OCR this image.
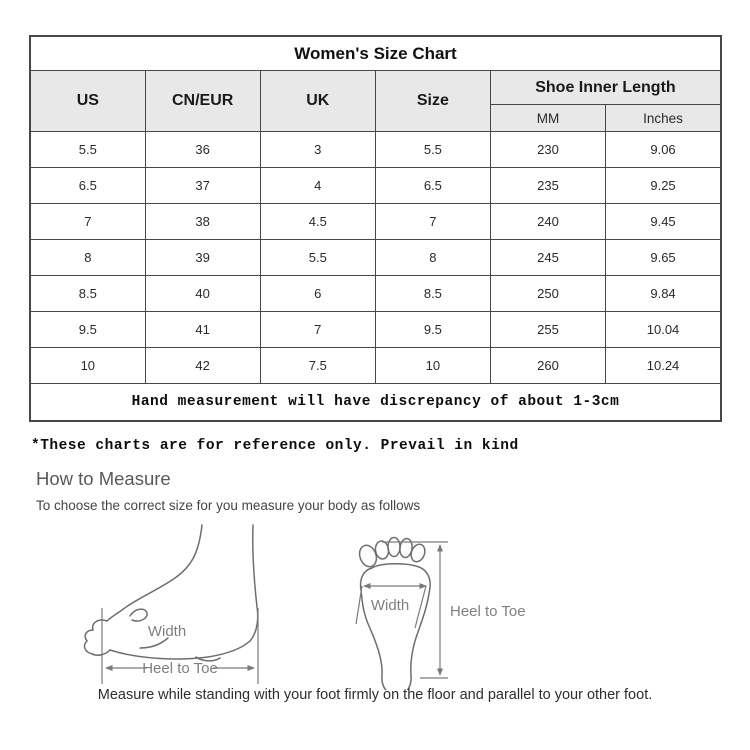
Women's Size Chart					
US	CN/EUR	UK	Size	Shoe Inner Length	
				MM	Inches
5.5	36	3	5.5	230	9.06
6.5	37	4	6.5	235	9.25
7	38	4.5	7	240	9.45
8	39	5.5	8	245	9.65
8.5	40	6	8.5	250	9.84
9.5	41	7	9.5	255	10.04
10	42	7.5	10	260	10.24
Hand measurement will have discrepancy of about 1-3cm					
*These charts are for reference only. Prevail in kind
How to Measure
To choose the correct size for you measure your body as follows
Width
Heel to Toe
Width	Heel to Toe
Measure while standing with your foot firmly on the floor and parallel to your other foot.
